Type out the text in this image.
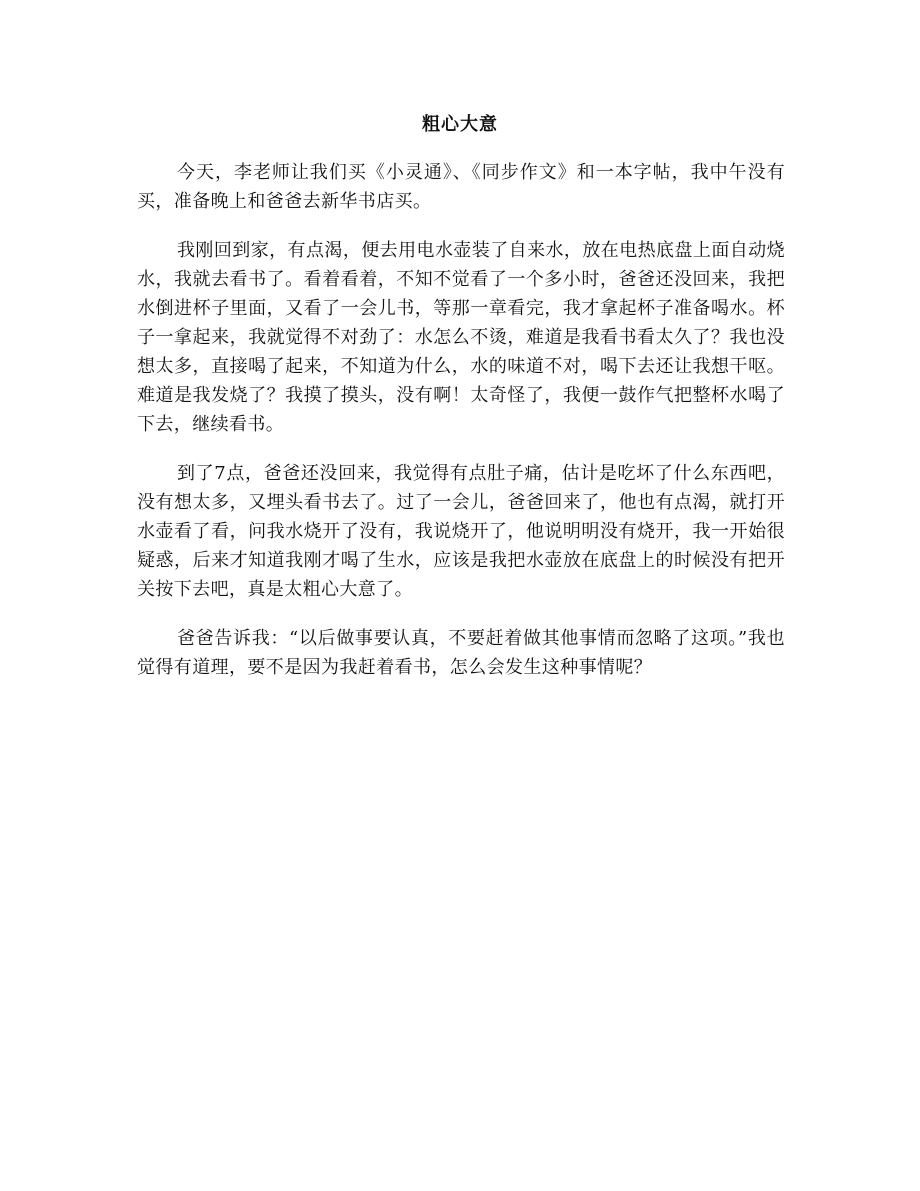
粗心大意

今天，李老师让我们买《小灵通》、《同步作文》和一本字帖，我中午没有买，准备晚上和爸爸去新华书店买。

我刚回到家，有点渴，便去用电水壶装了自来水，放在电热底盘上面自动烧水，我就去看书了。看着看着，不知不觉看了一个多小时，爸爸还没回来，我把水倒进杯子里面，又看了一会儿书，等那一章看完，我才拿起杯子准备喝水。杯子一拿起来，我就觉得不对劲了：水怎么不烫，难道是我看书看太久了？我也没想太多，直接喝了起来，不知道为什么，水的味道不对，喝下去还让我想干呕。难道是我发烧了？我摸了摸头，没有啊！太奇怪了，我便一鼓作气把整杯水喝了下去，继续看书。

到了7点，爸爸还没回来，我觉得有点肚子痛，估计是吃坏了什么东西吧，没有想太多，又埋头看书去了。过了一会儿，爸爸回来了，他也有点渴，就打开水壶看了看，问我水烧开了没有，我说烧开了，他说明明没有烧开，我一开始很疑惑，后来才知道我刚才喝了生水，应该是我把水壶放在底盘上的时候没有把开关按下去吧，真是太粗心大意了。

爸爸告诉我：“以后做事要认真，不要赶着做其他事情而忽略了这项。”我也觉得有道理，要不是因为我赶着看书，怎么会发生这种事情呢？
